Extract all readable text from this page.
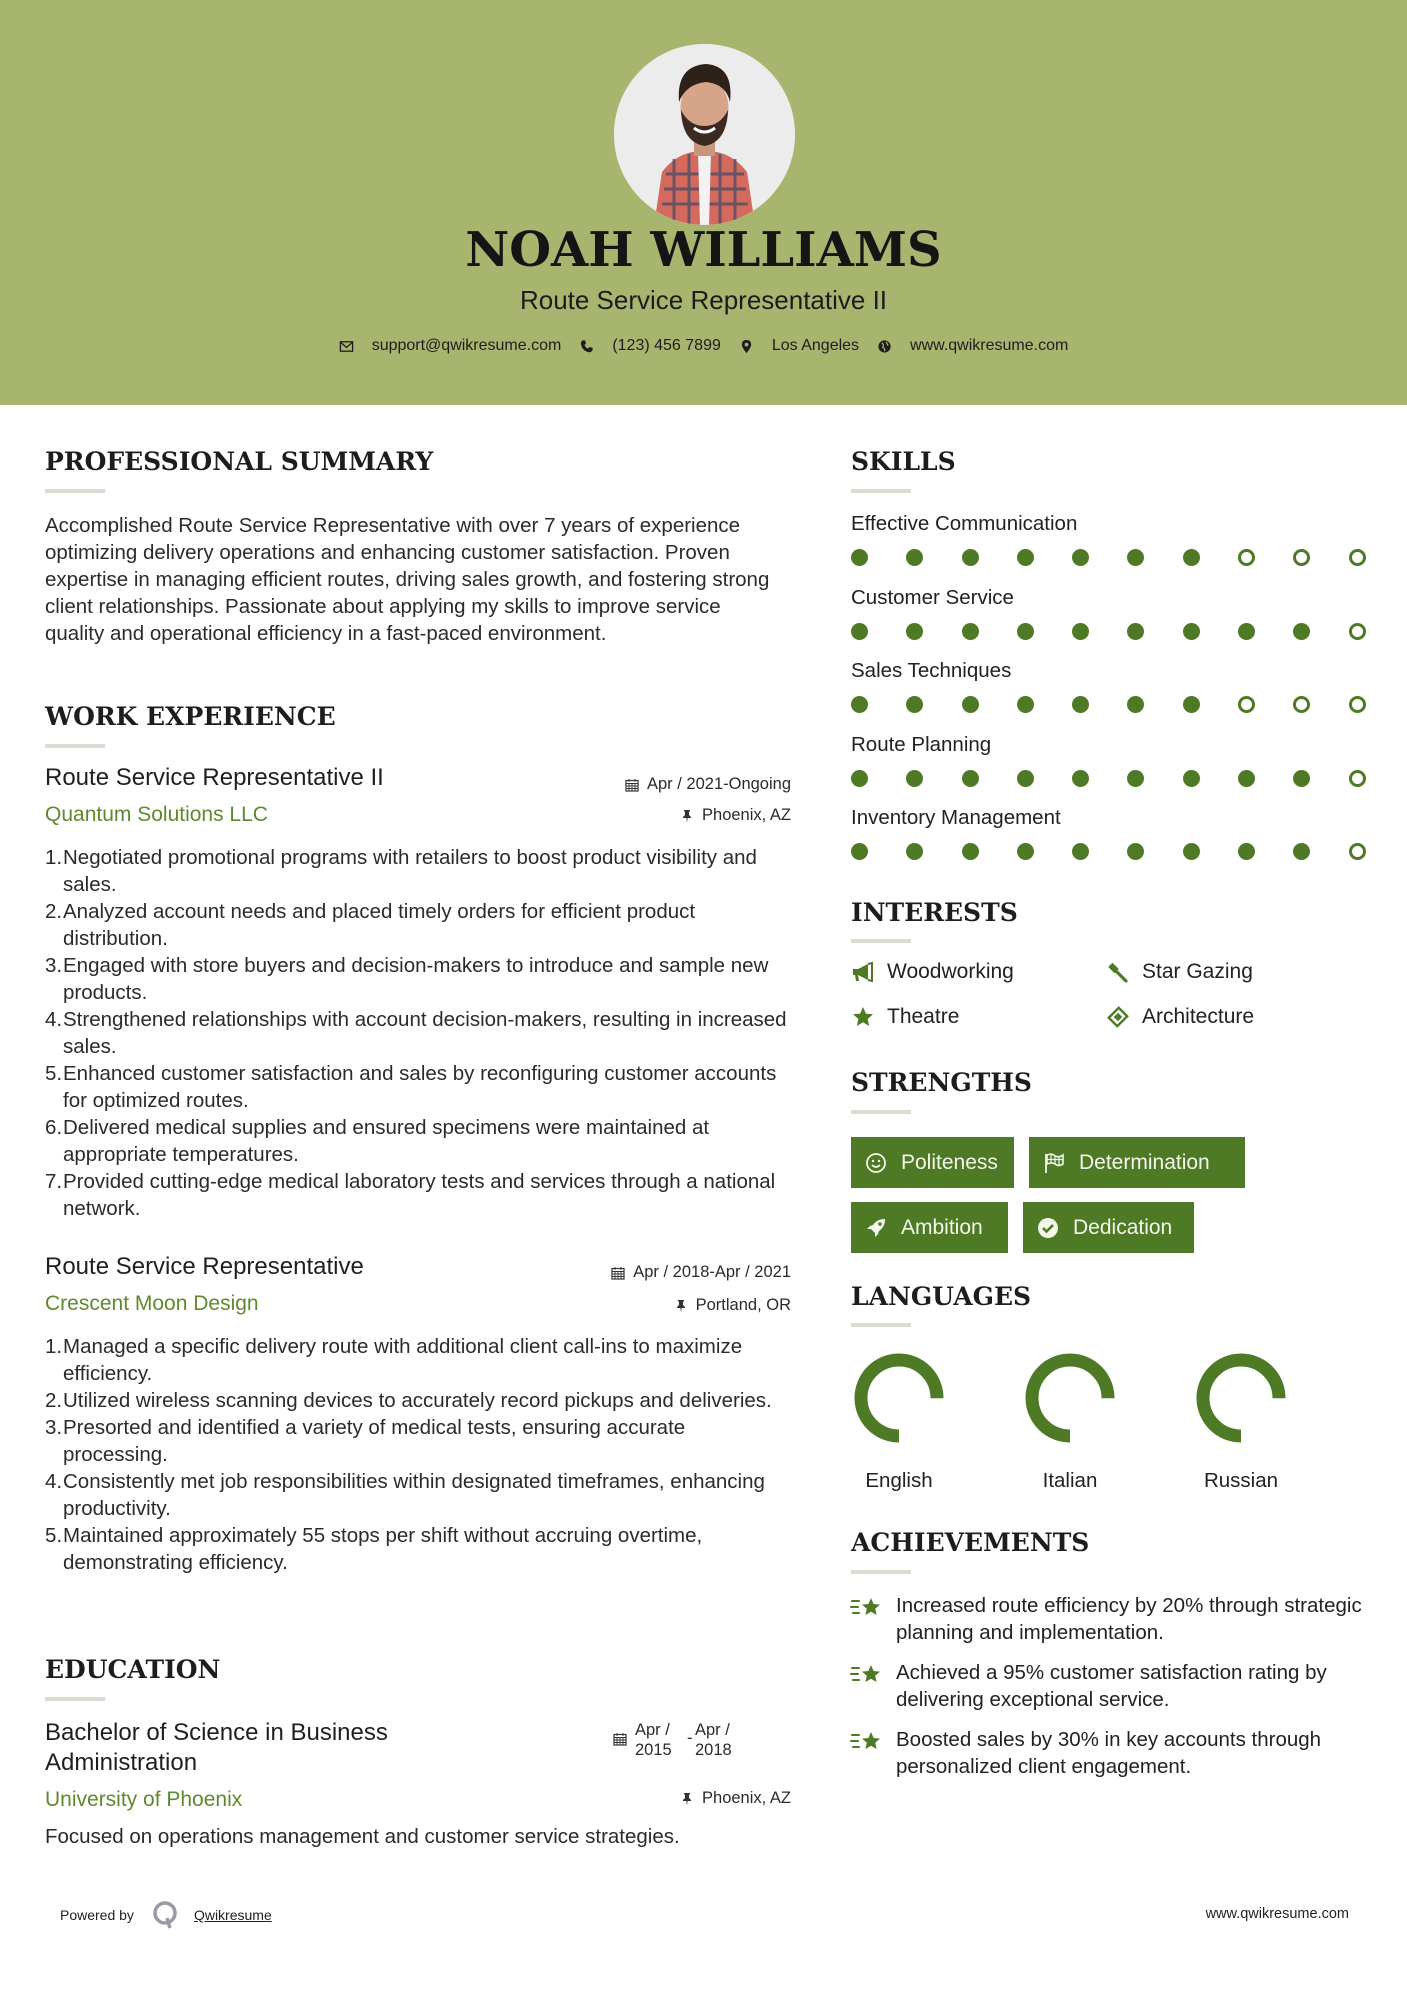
NOAH WILLIAMS
Route Service Representative II
support@qwikresume.com	(123) 456 7899	Los Angeles	www.qwikresume.com
PROFESSIONAL SUMMARY
Accomplished Route Service Representative with over 7 years of experience optimizing delivery operations and enhancing customer satisfaction. Proven expertise in managing efficient routes, driving sales growth, and fostering strong client relationships. Passionate about applying my skills to improve service quality and operational efficiency in a fast-paced environment.
WORK EXPERIENCE
Route Service Representative II	Apr / 2021-Ongoing
Quantum Solutions LLC	Phoenix, AZ
1. Negotiated promotional programs with retailers to boost product visibility and sales.
2. Analyzed account needs and placed timely orders for efficient product distribution.
3. Engaged with store buyers and decision-makers to introduce and sample new products.
4. Strengthened relationships with account decision-makers, resulting in increased sales.
5. Enhanced customer satisfaction and sales by reconfiguring customer accounts for optimized routes.
6. Delivered medical supplies and ensured specimens were maintained at appropriate temperatures.
7. Provided cutting-edge medical laboratory tests and services through a national network.
Route Service Representative	Apr / 2018-Apr / 2021
Crescent Moon Design	Portland, OR
1. Managed a specific delivery route with additional client call-ins to maximize efficiency.
2. Utilized wireless scanning devices to accurately record pickups and deliveries.
3. Presorted and identified a variety of medical tests, ensuring accurate processing.
4. Consistently met job responsibilities within designated timeframes, enhancing productivity.
5. Maintained approximately 55 stops per shift without accruing overtime, demonstrating efficiency.
EDUCATION
Bachelor of Science in Business
Administration
Apr /
2015
- Apr /
2018
University of Phoenix	Phoenix, AZ
Focused on operations management and customer service strategies.
SKILLS
Effective Communication
Customer Service
Sales Techniques
Route Planning
Inventory Management
INTERESTS
Woodworking	Star Gazing
Theatre	Architecture
STRENGTHS
Politeness	Determination
Ambition	Dedication
LANGUAGES
English	Italian	Russian
ACHIEVEMENTS
Increased route efficiency by 20% through strategic planning and implementation.
Achieved a 95% customer satisfaction rating by delivering exceptional service.
Boosted sales by 30% in key accounts through personalized client engagement.
Powered by	Qwikresume	www.qwikresume.com
